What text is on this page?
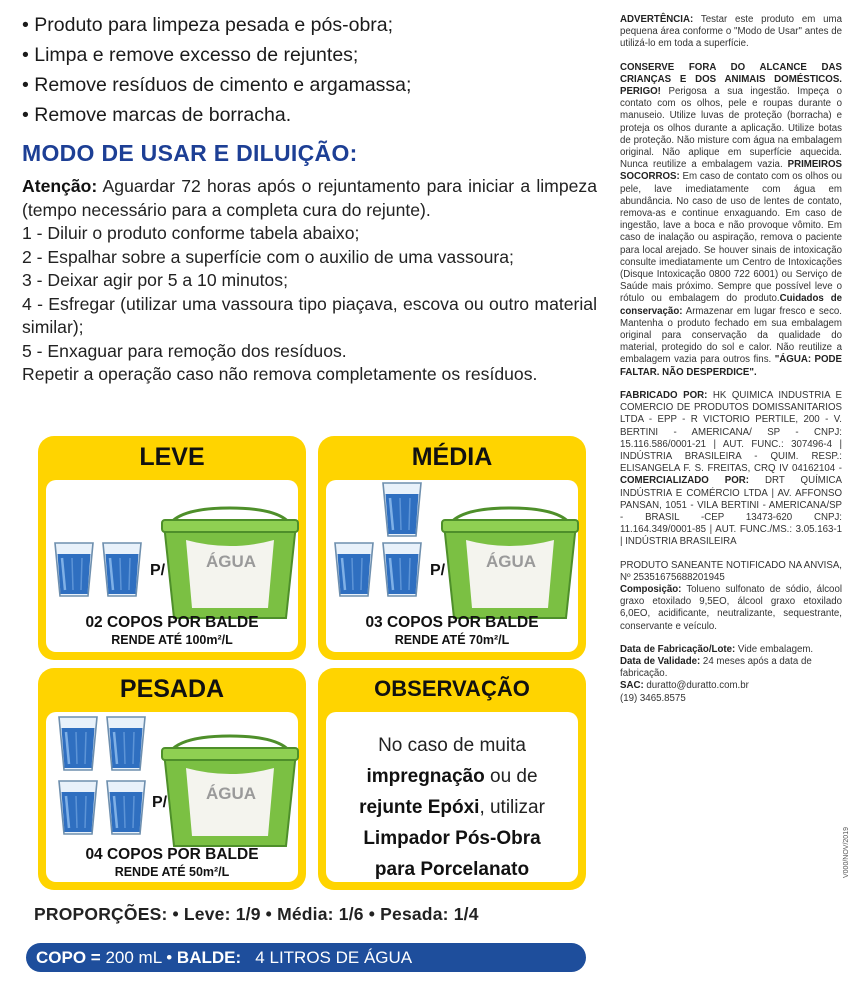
• Produto para limpeza pesada e pós-obra;
• Limpa e remove excesso de rejuntes;
• Remove resíduos de cimento e argamassa;
• Remove marcas de borracha.
MODO DE USAR E DILUIÇÃO:

Atenção: Aguardar 72 horas após o rejuntamento para iniciar a limpeza (tempo necessário para a completa cura do rejunte).

1 - Diluir o produto conforme tabela abaixo;

2 - Espalhar sobre a superfície com o auxilio de uma vassoura;

3 - Deixar agir por 5 a 10 minutos;

4 - Esfregar (utilizar uma vassoura tipo piaçava, escova ou outro material similar);

5 - Enxaguar para remoção dos resíduos.

Repetir a operação caso não remova completamente os resíduos.

LEVE
P/ ÁGUA
02 COPOS POR BALDE
RENDE ATÉ 100m²/L
MÉDIA
P/ ÁGUA
03 COPOS POR BALDE
RENDE ATÉ 70m²/L
PESADA
P/ ÁGUA
04 COPOS POR BALDE
RENDE ATÉ 50m²/L
OBSERVAÇÃO
No caso de muita
impregnação ou de
rejunte Epóxi, utilizar
Limpador Pós-Obra
para Porcelanato
PROPORÇÕES: • Leve: 1/9 • Média: 1/6 • Pesada: 1/4
COPO = 200 mL • BALDE:   4 LITROS DE ÁGUA

ADVERTÊNCIA: Testar este produto em uma pequena área conforme o "Modo de Usar" antes de utilizá-lo em toda a superfície.

CONSERVE FORA DO ALCANCE DAS CRIANÇAS E DOS ANIMAIS DOMÉSTICOS. PERIGO! Perigosa a sua ingestão. Impeça o contato com os olhos, pele e roupas durante o manuseio. Utilize luvas de proteção (borracha) e proteja os olhos durante a aplicação. Utilize botas de proteção. Não misture com água na embalagem original. Não aplique em superfície aquecida. Nunca reutilize a embalagem vazia. PRIMEIROS SOCORROS: Em caso de contato com os olhos ou pele, lave imediatamente com água em abundância. No caso de uso de lentes de contato, remova-as e continue enxaguando. Em caso de ingestão, lave a boca e não provoque vômito. Em caso de inalação ou aspiração, remova o paciente para local arejado. Se houver sinais de intoxicação consulte imediatamente um Centro de Intoxicações (Disque Intoxicação 0800 722 6001) ou Serviço de Saúde mais próximo. Sempre que possível leve o rótulo ou embalagem do produto.Cuidados de conservação: Armazenar em lugar fresco e seco. Mantenha o produto fechado em sua embalagem original para conservação da qualidade do material, protegido do sol e calor. Não reutilize a embalagem vazia para outros fins. "ÁGUA: PODE FALTAR. NÃO DESPERDICE".

FABRICADO POR: HK QUIMICA INDUSTRIA E COMERCIO DE PRODUTOS DOMISSANITARIOS LTDA - EPP - R VICTORIO PERTILE, 200 - V. BERTINI - AMERICANA/ SP - CNPJ: 15.116.586/0001-21 | AUT. FUNC.: 307496-4 | INDÚSTRIA BRASILEIRA - QUIM. RESP.: ELISANGELA F. S. FREITAS, CRQ IV 04162104 - COMERCIALIZADO POR: DRT QUÍMICA INDÚSTRIA E COMÉRCIO LTDA | AV. AFFONSO PANSAN, 1051 - VILA BERTINI - AMERICANA/SP - BRASIL -CEP 13473-620 CNPJ: 11.164.349/0001-85 | AUT. FUNC./MS.: 3.05.163-1 | INDÚSTRIA BRASILEIRA

PRODUTO SANEANTE NOTIFICADO NA ANVISA, Nº 25351675688201945
Composição: Tolueno sulfonato de sódio, álcool graxo etoxilado 9,5EO, álcool graxo etoxilado 6,0EO, acidificante, neutralizante, sequestrante, conservante e veículo.

Data de Fabricação/Lote: Vide embalagem.
Data de Validade: 24 meses após a data de fabricação.
SAC: duratto@duratto.com.br
(19) 3465.8575

V000/NOV/2019
